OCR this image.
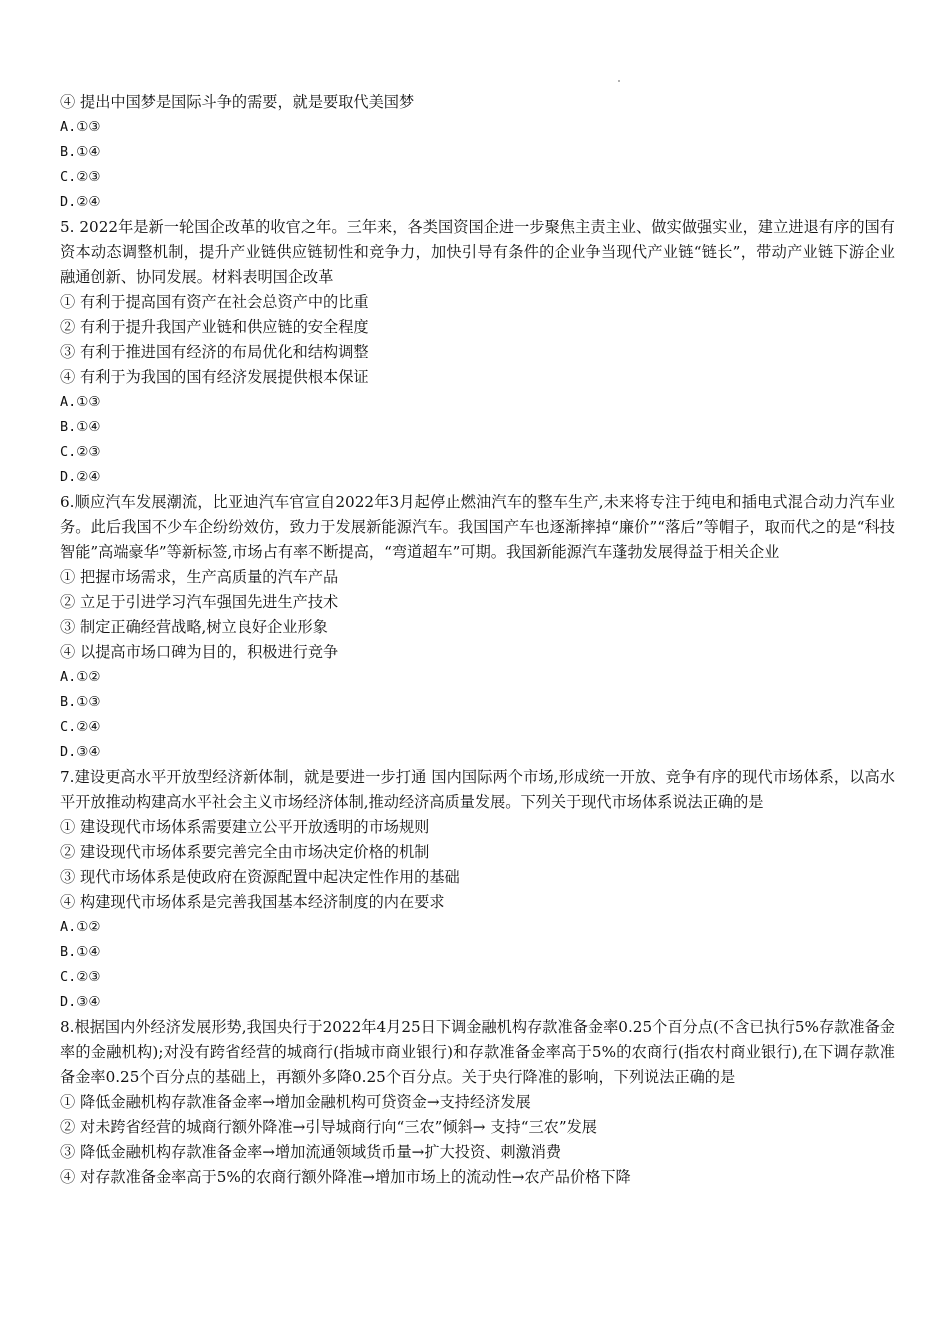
④ 提出中国梦是国际斗争的需要，就是要取代美国梦
A.①③
B.①④
C.②③
D.②④
5. 2022年是新一轮国企改革的收官之年。三年来，各类国资国企进一步聚焦主责主业、做实做强实业，建立进退有序的国有资本动态调整机制，提升产业链供应链韧性和竞争力，加快引导有条件的企业争当现代产业链“链长”，带动产业链下游企业融通创新、协同发展。材料表明国企改革
① 有利于提高国有资产在社会总资产中的比重
② 有利于提升我国产业链和供应链的安全程度
③ 有利于推进国有经济的布局优化和结构调整
④ 有利于为我国的国有经济发展提供根本保证
A.①③
B.①④
C.②③
D.②④
6.顺应汽车发展潮流，比亚迪汽车官宣自2022年3月起停止燃油汽车的整车生产,未来将专注于纯电和插电式混合动力汽车业务。此后我国不少车企纷纷效仿，致力于发展新能源汽车。我国国产车也逐渐摔掉“廉价”“落后”等帽子，取而代之的是“科技智能”高端豪华”等新标签,市场占有率不断提高，“弯道超车”可期。我国新能源汽车蓬勃发展得益于相关企业
① 把握市场需求，生产高质量的汽车产品
② 立足于引进学习汽车强国先进生产技术
③ 制定正确经营战略,树立良好企业形象
④ 以提高市场口碑为目的，积极进行竞争
A.①②
B.①③
C.②④
D.③④
7.建设更高水平开放型经济新体制，就是要进一步打通 国内国际两个市场,形成统一开放、竞争有序的现代市场体系，以高水平开放推动构建高水平社会主义市场经济体制,推动经济高质量发展。下列关于现代市场体系说法正确的是
① 建设现代市场体系需要建立公平开放透明的市场规则
② 建设现代市场体系要完善完全由市场决定价格的机制
③ 现代市场体系是使政府在资源配置中起决定性作用的基础
④ 构建现代市场体系是完善我国基本经济制度的内在要求
A.①②
B.①④
C.②③
D.③④
8.根据国内外经济发展形势,我国央行于2022年4月25日下调金融机构存款准备金率0.25个百分点(不含已执行5%存款准备金率的金融机构);对没有跨省经营的城商行(指城市商业银行)和存款准备金率高于5%的农商行(指农村商业银行),在下调存款准备金率0.25个百分点的基础上，再额外多降0.25个百分点。关于央行降准的影响，下列说法正确的是
① 降低金融机构存款准备金率→增加金融机构可贷资金→支持经济发展
② 对未跨省经营的城商行额外降准→引导城商行向“三农”倾斜→ 支持“三农”发展
③ 降低金融机构存款准备金率→增加流通领域货币量→扩大投资、刺激消费
④ 对存款准备金率高于5%的农商行额外降准→增加市场上的流动性→农产品价格下降
